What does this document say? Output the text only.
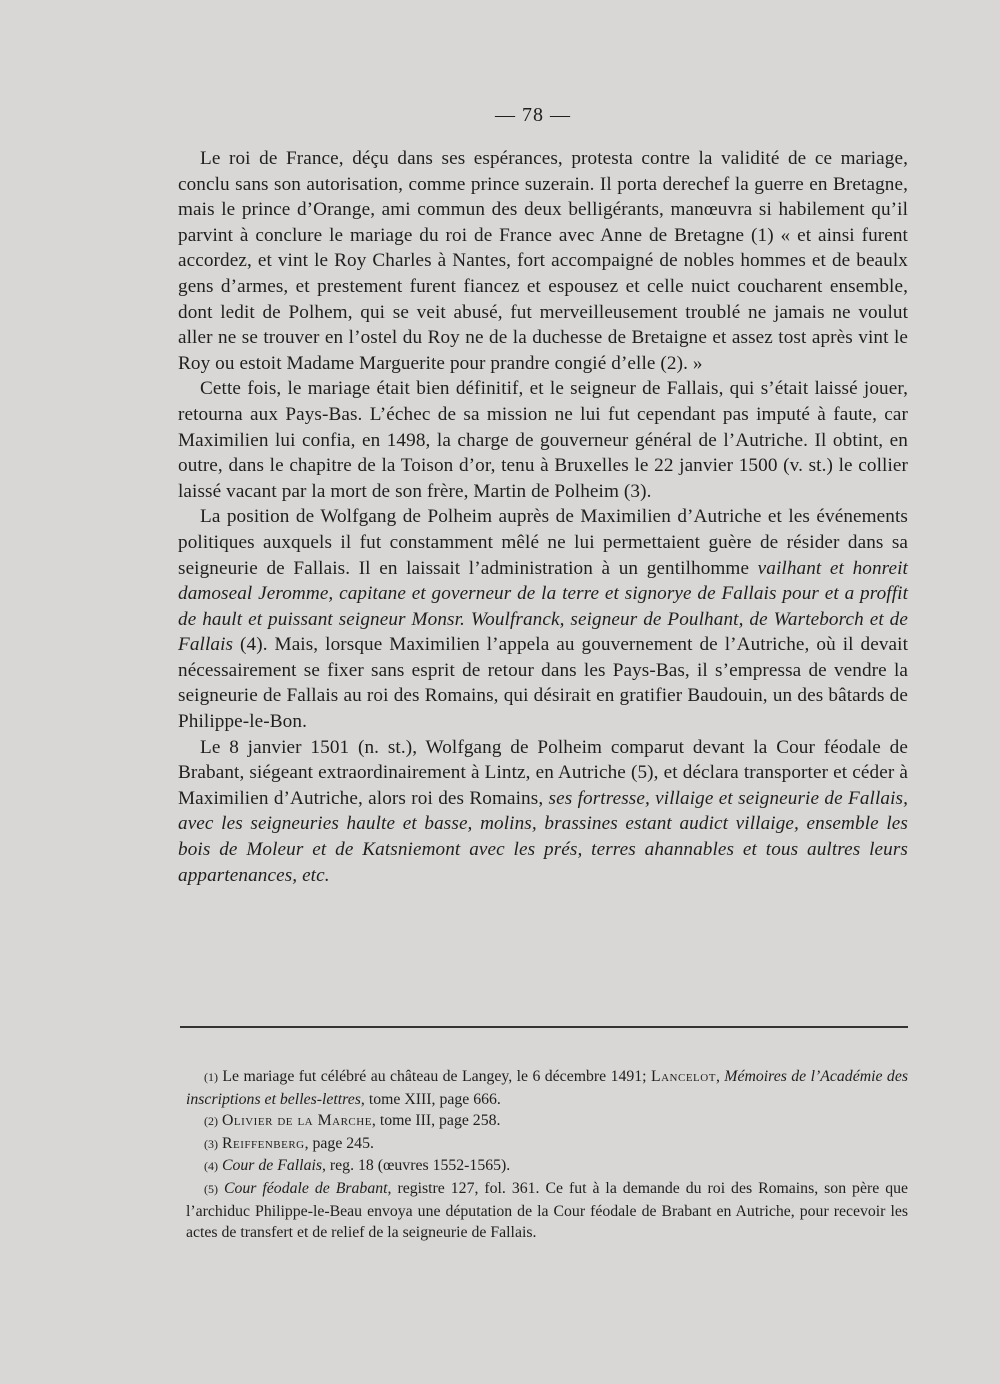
— 78 —

Le roi de France, déçu dans ses espérances, protesta contre la validité de ce mariage, conclu sans son autorisation, comme prince suzerain. Il porta derechef la guerre en Bretagne, mais le prince d’Orange, ami commun des deux belligérants, manœuvra si habilement qu’il parvint à conclure le mariage du roi de France avec Anne de Bretagne (1) « et ainsi furent accordez, et vint le Roy Charles à Nantes, fort accompaigné de nobles hommes et de beaulx gens d’armes, et prestement furent fiancez et espousez et celle nuict coucharent ensemble, dont ledit de Polhem, qui se veit abusé, fut merveilleusement troublé ne jamais ne voulut aller ne se trouver en l’ostel du Roy ne de la duchesse de Bretaigne et assez tost après vint le Roy ou estoit Madame Marguerite pour prandre congié d’elle (2). »

Cette fois, le mariage était bien définitif, et le seigneur de Fallais, qui s’était laissé jouer, retourna aux Pays-Bas. L’échec de sa mission ne lui fut cependant pas imputé à faute, car Maximilien lui confia, en 1498, la charge de gouverneur général de l’Autriche. Il obtint, en outre, dans le chapitre de la Toison d’or, tenu à Bruxelles le 22 janvier 1500 (v. st.) le collier laissé vacant par la mort de son frère, Martin de Polheim (3).

La position de Wolfgang de Polheim auprès de Maximilien d’Autriche et les événements politiques auxquels il fut constamment mêlé ne lui permettaient guère de résider dans sa seigneurie de Fallais. Il en laissait l’administration à un gentilhomme vailhant et honreit damoseal Jeromme, capitane et governeur de la terre et signorye de Fallais pour et a proffit de hault et puissant seigneur Monsr. Woulfranck, seigneur de Poulhant, de Warteborch et de Fallais (4). Mais, lorsque Maximilien l’appela au gouvernement de l’Autriche, où il devait nécessairement se fixer sans esprit de retour dans les Pays-Bas, il s’empressa de vendre la seigneurie de Fallais au roi des Romains, qui désirait en gratifier Baudouin, un des bâtards de Philippe-le-Bon.

Le 8 janvier 1501 (n. st.), Wolfgang de Polheim comparut devant la Cour féodale de Brabant, siégeant extraordinairement à Lintz, en Autriche (5), et déclara transporter et céder à Maximilien d’Autriche, alors roi des Romains, ses fortresse, villaige et seigneurie de Fallais, avec les seigneuries haulte et basse, molins, brassines estant audict villaige, ensemble les bois de Moleur et de Katsniemont avec les prés, terres ahannables et tous aultres leurs appartenances, etc.

(1) Le mariage fut célébré au château de Langey, le 6 décembre 1491; Lancelot, Mémoires de l’Académie des inscriptions et belles-lettres, tome XIII, page 666.

(2) Olivier de la Marche, tome III, page 258.

(3) Reiffenberg, page 245.

(4) Cour de Fallais, reg. 18 (œuvres 1552-1565).

(5) Cour féodale de Brabant, registre 127, fol. 361. Ce fut à la demande du roi des Romains, son père que l’archiduc Philippe-le-Beau envoya une députation de la Cour féodale de Brabant en Autriche, pour recevoir les actes de transfert et de relief de la seigneurie de Fallais.
